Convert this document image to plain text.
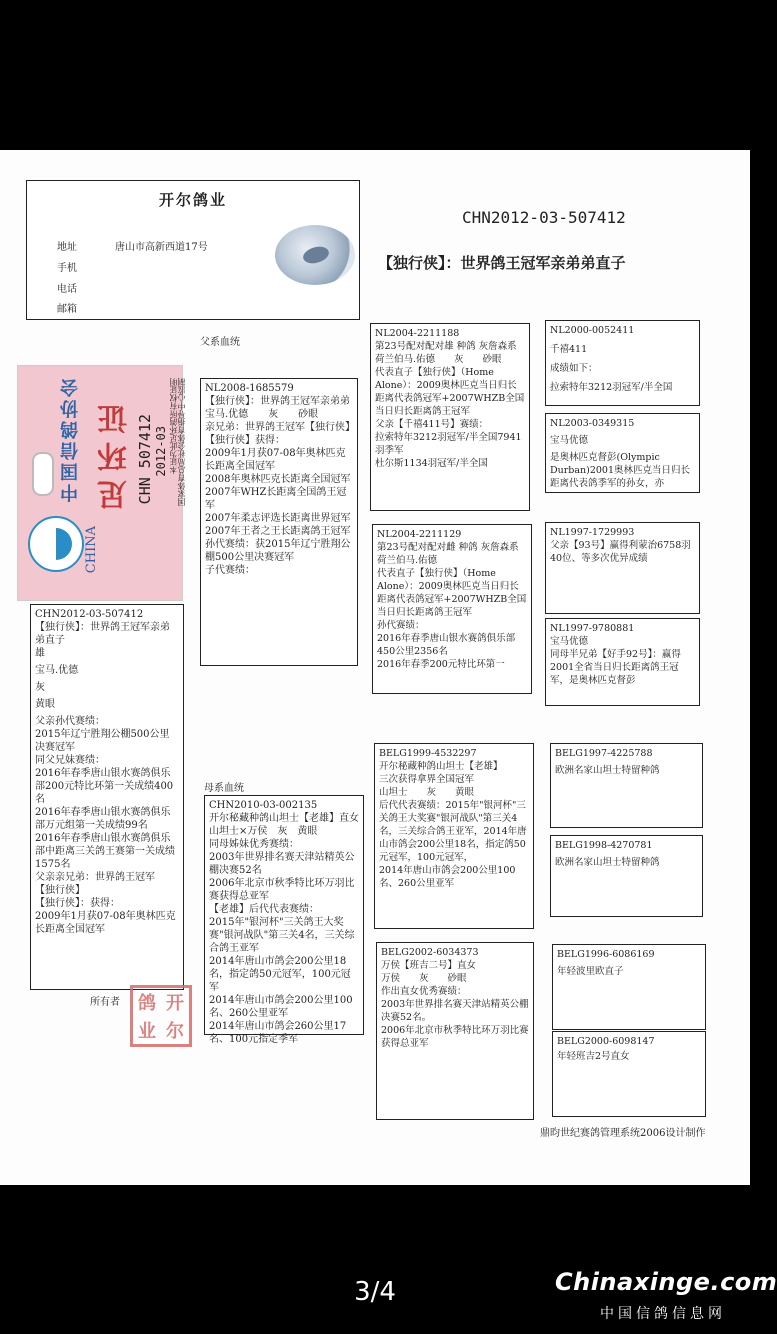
开尔鸽业
地址
手机
电话
邮箱
唐山市高新西道17号
CHN2012-03-507412
【独行侠】：世界鸽王冠军亲弟弟直子
父系血统
母系血统
所有者
中国信鸽协会 足环证 CHN 507412 2012-03 本证为此足环鸽所有权证明 国家体育总局社会体育指导中心监制
CHINA
CHN2012-03-507412
【独行侠】：世界鸽王冠军亲弟弟直子
雄
宝马.优德
灰
黄眼
父亲孙代赛绩：
2015年辽宁胜翔公棚500公里决赛冠军
同父兄妹赛绩：
2016年春季唐山银水赛鸽俱乐部200元特比环第一关成绩400名
2016年春季唐山银水赛鸽俱乐部万元组第一关成绩99名
2016年春季唐山银水赛鸽俱乐部中距离三关鸽王赛第一关成绩1575名
父亲亲兄弟：世界鸽王冠军
【独行侠】
【独行侠】：获得：
2009年1月获07-08年奥林匹克长距离全国冠军
NL2008-1685579
【独行侠】：世界鸽王冠军亲弟弟
宝马.优德　　灰　　砂眼
亲兄弟：世界鸽王冠军【独行侠】
【独行侠】获得：
2009年1月获07-08年奥林匹克长距离全国冠军
2008年奥林匹克长距离全国冠军
2007年WHZ长距离全国鸽王冠军
2007年柔志评选长距离世界冠军
2007年王者之王长距离鸽王冠军
孙代赛绩：获2015年辽宁胜翔公棚500公里决赛冠军
子代赛绩：
CHN2010-03-002135
开尔秘藏种鸽山坦士【老雄】直女
山坦士×万侯　灰　黄眼
同母姊妹优秀赛绩：
2003年世界排名赛天津站精英公棚决赛52名
2006年北京市秋季特比环万羽比赛获得总亚军
【老雄】后代代表赛绩：
2015年"银河杯"三关鸽王大奖赛"银河战队"第三关4名，三关综合鸽王亚军
2014年唐山市鸽会200公里18名，指定鸽50元冠军，100元冠军
2014年唐山市鸽会200公里100名、260公里亚军
2014年唐山市鸽会260公里17名、100元指定季军
NL2004-2211188
第23号配对配对雄 种鸽 灰詹森系
荷兰伯马.佑德　　灰　　砂眼
代表直子【独行侠】（Home Alone）：2009奥林匹克当日归长距离代表鸽冠军+2007WHZB全国当日归长距离鸽王冠军
父亲【千禧411号】赛绩：
拉索特年3212羽冠军/半全国7941羽季军
杜尔斯1134羽冠军/半全国
NL2004-2211129
第23号配对配对雌 种鸽 灰詹森系
荷兰伯马.佑德
代表直子【独行侠】（Home Alone）：2009奥林匹克当日归长距离代表鸽冠军+2007WHZB全国当日归长距离鸽王冠军
孙代赛绩：
2016年春季唐山银水赛鸽俱乐部450公里2356名
2016年春季200元特比环第一
BELG1999-4532297
开尔秘藏种鸽山坦士【老雄】
三次获得拿界全国冠军
山坦士　　灰　　黄眼
后代代表赛绩：2015年"银河杯"三关鸽王大奖赛"银河战队"第三关4名，三关综合鸽王亚军，2014年唐山市鸽会200公里18名，指定鸽50元冠军，100元冠军，
2014年唐山市鸽会200公里100名、260公里亚军
BELG2002-6034373
万侯【班吉二号】直女
万侯　　灰　　砂眼
作出直女优秀赛绩：
2003年世界排名赛天津站精英公棚决赛52名。
2006年北京市秋季特比环万羽比赛获得总亚军
NL2000-0052411
千禧411
成绩如下：
拉索特年3212羽冠军/半全国
NL2003-0349315
宝马优德
是奥林匹克督彭(Olympic Durban)2001奥林匹克当日归长距离代表鸽季军的孙女，亦
NL1997-1729993
父亲【93号】赢得利蒙治6758羽40位、等多次优异成绩
NL1997-9780881
宝马优德
同母半兄弟【好手92号】：赢得2001全省当日归长距离鸽王冠军，是奥林匹克督彭
BELG1997-4225788
欧洲名家山坦士特留种鸽
BELG1998-4270781
欧洲名家山坦士特留种鸽
BELG1996-6086169
年轻波里欧直子
BELG2000-6098147
年轻班吉2号直女
鸽 开
业 尔
鼎昀世纪赛鸽管理系统2006设计制作
3/4	Chinaxinge.com
中国信鸽信息网
